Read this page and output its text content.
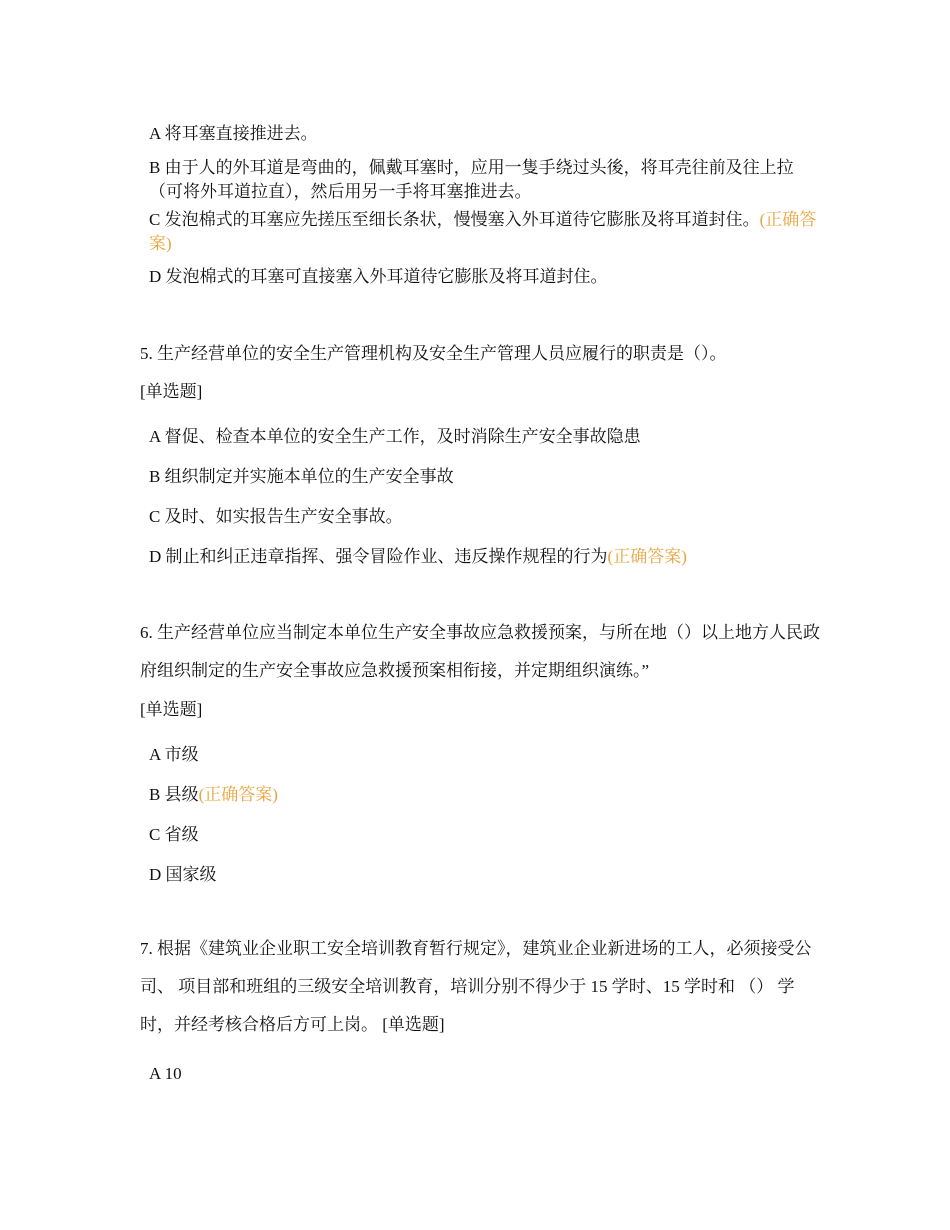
A 将耳塞直接推进去。
B 由于人的外耳道是弯曲的，佩戴耳塞时，应用一隻手绕过头後，将耳壳往前及往上拉（可将外耳道拉直），然后用另一手将耳塞推进去。
C 发泡棉式的耳塞应先搓压至细长条状，慢慢塞入外耳道待它膨胀及将耳道封住。(正确答案)
D 发泡棉式的耳塞可直接塞入外耳道待它膨胀及将耳道封住。
5. 生产经营单位的安全生产管理机构及安全生产管理人员应履行的职责是（）。
[单选题]
A 督促、检查本单位的安全生产工作，及时消除生产安全事故隐患
B 组织制定并实施本单位的生产安全事故
C 及时、如实报告生产安全事故。
D 制止和纠正违章指挥、强令冒险作业、违反操作规程的行为(正确答案)
6. 生产经营单位应当制定本单位生产安全事故应急救援预案，与所在地（）以上地方人民政府组织制定的生产安全事故应急救援预案相衔接，并定期组织演练。”
[单选题]
A 市级
B 县级(正确答案)
C 省级
D 国家级
7. 根据《建筑业企业职工安全培训教育暂行规定》，建筑业企业新进场的工人，必须接受公司、 项目部和班组的三级安全培训教育，培训分别不得少于 15 学时、15 学时和 （） 学时，并经考核合格后方可上岗。 [单选题]
A 10
